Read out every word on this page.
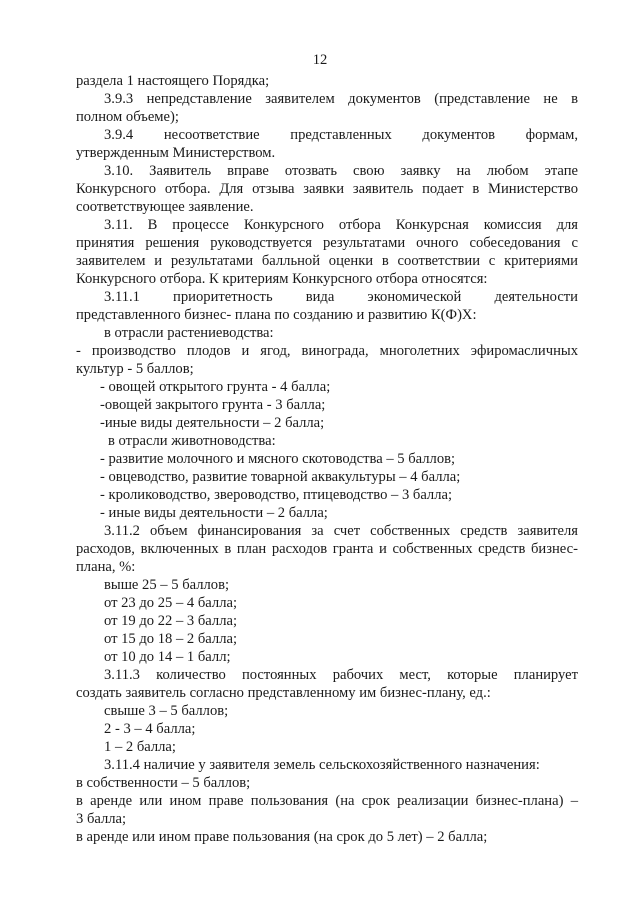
12
раздела 1 настоящего Порядка;
3.9.3 непредставление заявителем документов (представление не в
полном объеме);
3.9.4 несоответствие представленных документов формам,
утвержденным Министерством.
3.10. Заявитель вправе отозвать свою заявку на любом этапе
Конкурсного отбора. Для отзыва заявки заявитель подает в Министерство
соответствующее заявление.
3.11. В процессе Конкурсного отбора Конкурсная комиссия для
принятия решения руководствуется результатами очного собеседования с
заявителем и результатами балльной оценки в соответствии с критериями
Конкурсного отбора. К критериям Конкурсного отбора относятся:
3.11.1 приоритетность вида экономической деятельности
представленного бизнес- плана по созданию и развитию К(Ф)Х:
в отрасли растениеводства:
- производство плодов и ягод, винограда, многолетних эфиромасличных
культур - 5 баллов;
- овощей открытого грунта - 4 балла;
-овощей закрытого грунта - 3 балла;
-иные виды деятельности – 2 балла;
в отрасли животноводства:
- развитие молочного и мясного скотоводства – 5 баллов;
- овцеводство, развитие товарной аквакультуры – 4 балла;
- кролиководство, звероводство, птицеводство – 3 балла;
- иные виды деятельности – 2 балла;
3.11.2 объем финансирования за счет собственных средств заявителя
расходов, включенных в план расходов гранта и собственных средств бизнес-
плана, %:
выше 25 – 5 баллов;
от 23 до 25 – 4 балла;
от 19 до 22 – 3 балла;
от 15 до 18 – 2 балла;
от 10 до 14 – 1 балл;
3.11.3 количество постоянных рабочих мест, которые планирует
создать заявитель согласно представленному им бизнес-плану, ед.:
свыше 3 – 5 баллов;
2 - 3 – 4 балла;
1 – 2 балла;
3.11.4 наличие у заявителя земель сельскохозяйственного назначения:
в собственности – 5 баллов;
в аренде или ином праве пользования (на срок реализации бизнес-плана) –
3 балла;
в аренде или ином праве пользования (на срок до 5 лет) – 2 балла;
